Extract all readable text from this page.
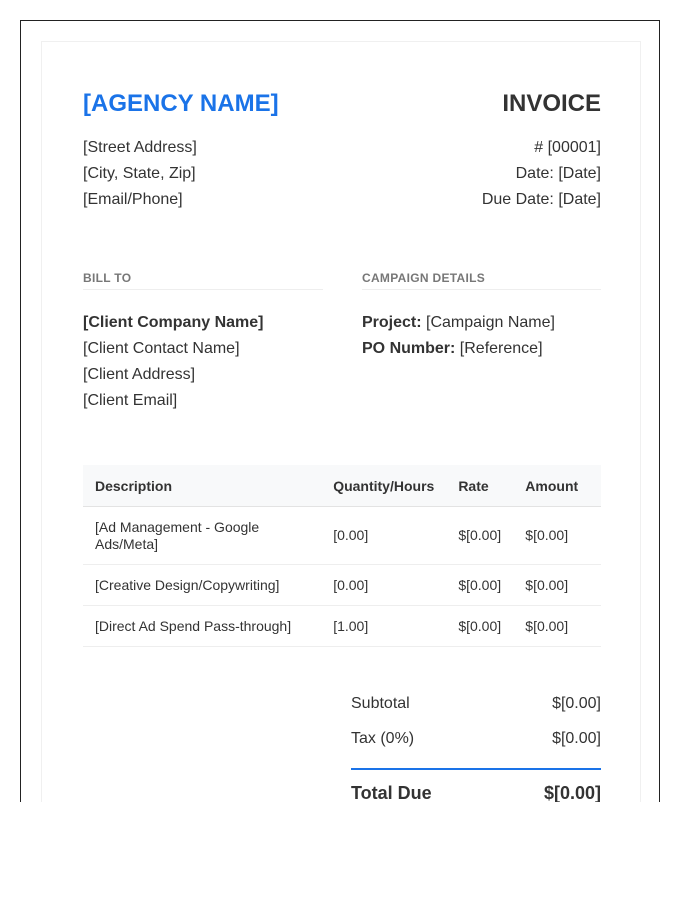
[AGENCY NAME]	INVOICE
[Street Address]
[City, State, Zip]
[Email/Phone]
# [00001]
Date: [Date]
Due Date: [Date]
BILL TO
[Client Company Name]
[Client Contact Name]
[Client Address]
[Client Email]
CAMPAIGN DETAILS
Project: [Campaign Name]
PO Number: [Reference]
Description	Quantity/Hours	Rate	Amount
[Ad Management - Google Ads/Meta]	[0.00]	$[0.00]	$[0.00]
[Creative Design/Copywriting]	[0.00]	$[0.00]	$[0.00]
[Direct Ad Spend Pass-through]	[1.00]	$[0.00]	$[0.00]
Subtotal	$[0.00]
Tax (0%)	$[0.00]
Total Due	$[0.00]
